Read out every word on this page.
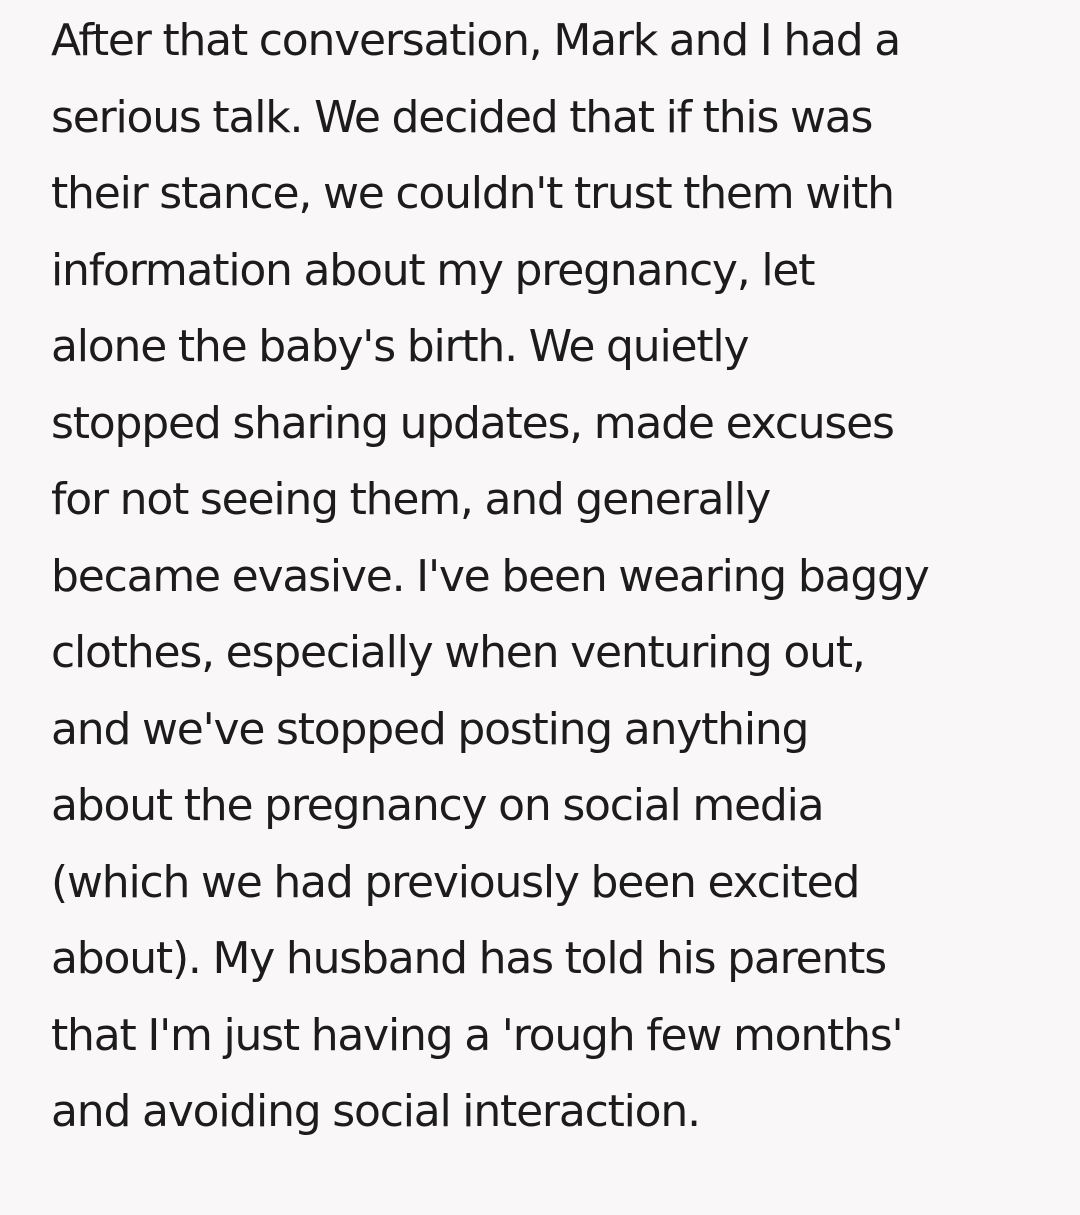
After that conversation, Mark and I had a
serious talk. We decided that if this was
their stance, we couldn't trust them with
information about my pregnancy, let
alone the baby's birth. We quietly
stopped sharing updates, made excuses
for not seeing them, and generally
became evasive. I've been wearing baggy
clothes, especially when venturing out,
and we've stopped posting anything
about the pregnancy on social media
(which we had previously been excited
about). My husband has told his parents
that I'm just having a 'rough few months'
and avoiding social interaction.
